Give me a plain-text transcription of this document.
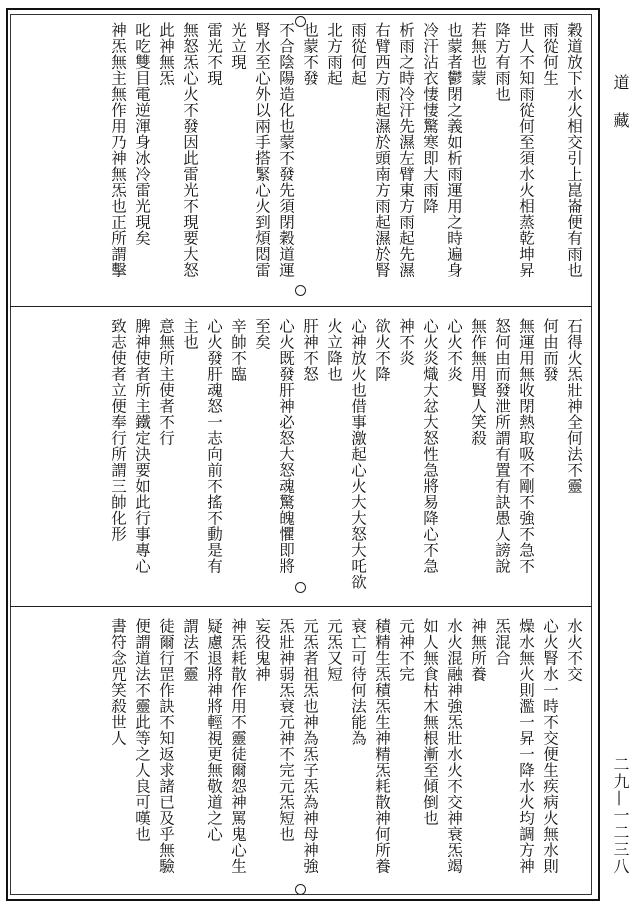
穀道放下水火相交引上崑崙便有雨也
雨從何生
世人不知雨從何至須水火相蒸乾坤昇
降方有雨也
若無也蒙
也蒙者鬱閉之義如析雨運用之時遍身
冷汗沾衣悽悽驚寒即大雨降
析雨之時冷汗先濕左臂東方雨起先濕
右臂西方雨起濕於頭南方雨起濕於腎
雨從何起
北方雨起
也蒙不發
不合陰陽造化也蒙不發先須閉穀道運
腎水至心外以兩手搭緊心火到煩悶雷
光立現
雷光不現
無怒炁心火不發因此雷光不現要大怒
此神無炁
叱吃雙目電逆渾身冰冷雷光現矣
神炁無主無作用乃神無炁也正所謂擊
石得火炁壯神全何法不靈
何由而發
無運用無收閉熱取吸不剛不強不急不
怒何由而發泄所謂有置有訣愚人謗說
無作無用賢人笑殺
心火不炎
心火炎熾大忿大怒性急將易降心不急
神不炎
欲火不降
心神放火也借事激起心火大大怒大吒欲
火立降也
肝神不怒
心火既發肝神必怒大怒魂驚魄懼即將
至矣
辛帥不臨
心火發肝魂怒一志向前不搖不動是有
主也
意無所主使者不行
脾神使者所主鐵定決要如此行事專心
致志使者立便奉行所謂三帥化形
水火不交
心火腎水一時不交便生疾病火無水則
燥水無火則濫一昇一降水火均調方神
炁混合
神無所養
水火混融神強炁壯水火不交神衰炁竭
如人無食枯木無根漸至傾倒也
元神不完
積精生炁積炁生神精炁耗散神何所養
衰亡可待何法能為
元炁又短
元炁者祖炁也神為炁子炁為神母神強
炁壯神弱炁衰元神不完元炁短也
妄役鬼神
神炁耗散作用不靈徒爾怨神罵鬼心生
疑慮退將神將輕視更無敬道之心
謂法不靈
徒爾行罡作訣不知返求諸已及乎無驗
便謂道法不靈此等之人良可嘆也
書符念咒笑殺世人
道藏
二九—一二三八
